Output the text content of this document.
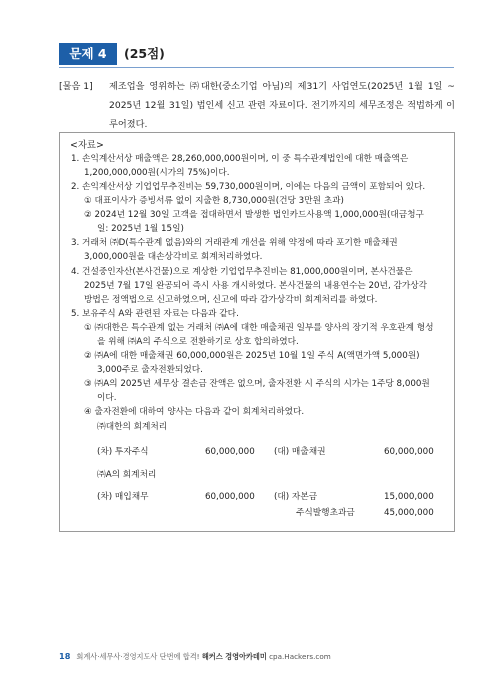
문제 4	(25점)
[물음 1] 제조업을 영위하는 ㈜대한(중소기업 아님)의 제31기 사업연도(2025년 1월 1일 ~ 2025년 12월 31일) 법인세 신고 관련 자료이다. 전기까지의 세무조정은 적법하게 이루어졌다.
<자료>
1. 손익계산서상 매출액은 28,260,000,000원이며, 이 중 특수관계법인에 대한 매출액은
1,200,000,000원(시가의 75%)이다.
2. 손익계산서상 기업업무추진비는 59,730,000원이며, 이에는 다음의 금액이 포함되어 있다.
① 대표이사가 증빙서류 없이 지출한 8,730,000원(건당 3만원 초과)
② 2024년 12월 30일 고객을 접대하면서 발생한 법인카드사용액 1,000,000원(대금청구
일: 2025년 1월 15일)
3. 거래처 ㈜D(특수관계 없음)와의 거래관계 개선을 위해 약정에 따라 포기한 매출채권
3,000,000원을 대손상각비로 회계처리하였다.
4. 건설중인자산(본사건물)으로 계상한 기업업무추진비는 81,000,000원이며, 본사건물은
2025년 7월 17일 완공되어 즉시 사용 개시하였다. 본사건물의 내용연수는 20년, 감가상각
방법은 정액법으로 신고하였으며, 신고에 따라 감가상각비 회계처리를 하였다.
5. 보유주식 A와 관련된 자료는 다음과 같다.
① ㈜대한은 특수관계 없는 거래처 ㈜A에 대한 매출채권 일부를 양사의 장기적 우호관계 형성
을 위해 ㈜A의 주식으로 전환하기로 상호 합의하였다.
② ㈜A에 대한 매출채권 60,000,000원은 2025년 10월 1일 주식 A(액면가액 5,000원)
3,000주로 출자전환되었다.
③ ㈜A의 2025년 세무상 결손금 잔액은 없으며, 출자전환 시 주식의 시가는 1주당 8,000원
이다.
④ 출자전환에 대하여 양사는 다음과 같이 회계처리하였다.
㈜대한의 회계처리
(차) 투자주식	60,000,000 (대) 매출채권	60,000,000
㈜A의 회계처리
(차) 매입채무	60,000,000 (대) 자본금	15,000,000
주식발행초과금	45,000,000
18 회계사·세무사·경영지도사 단번에 합격! 해커스 경영아카데미 cpa.Hackers.com
